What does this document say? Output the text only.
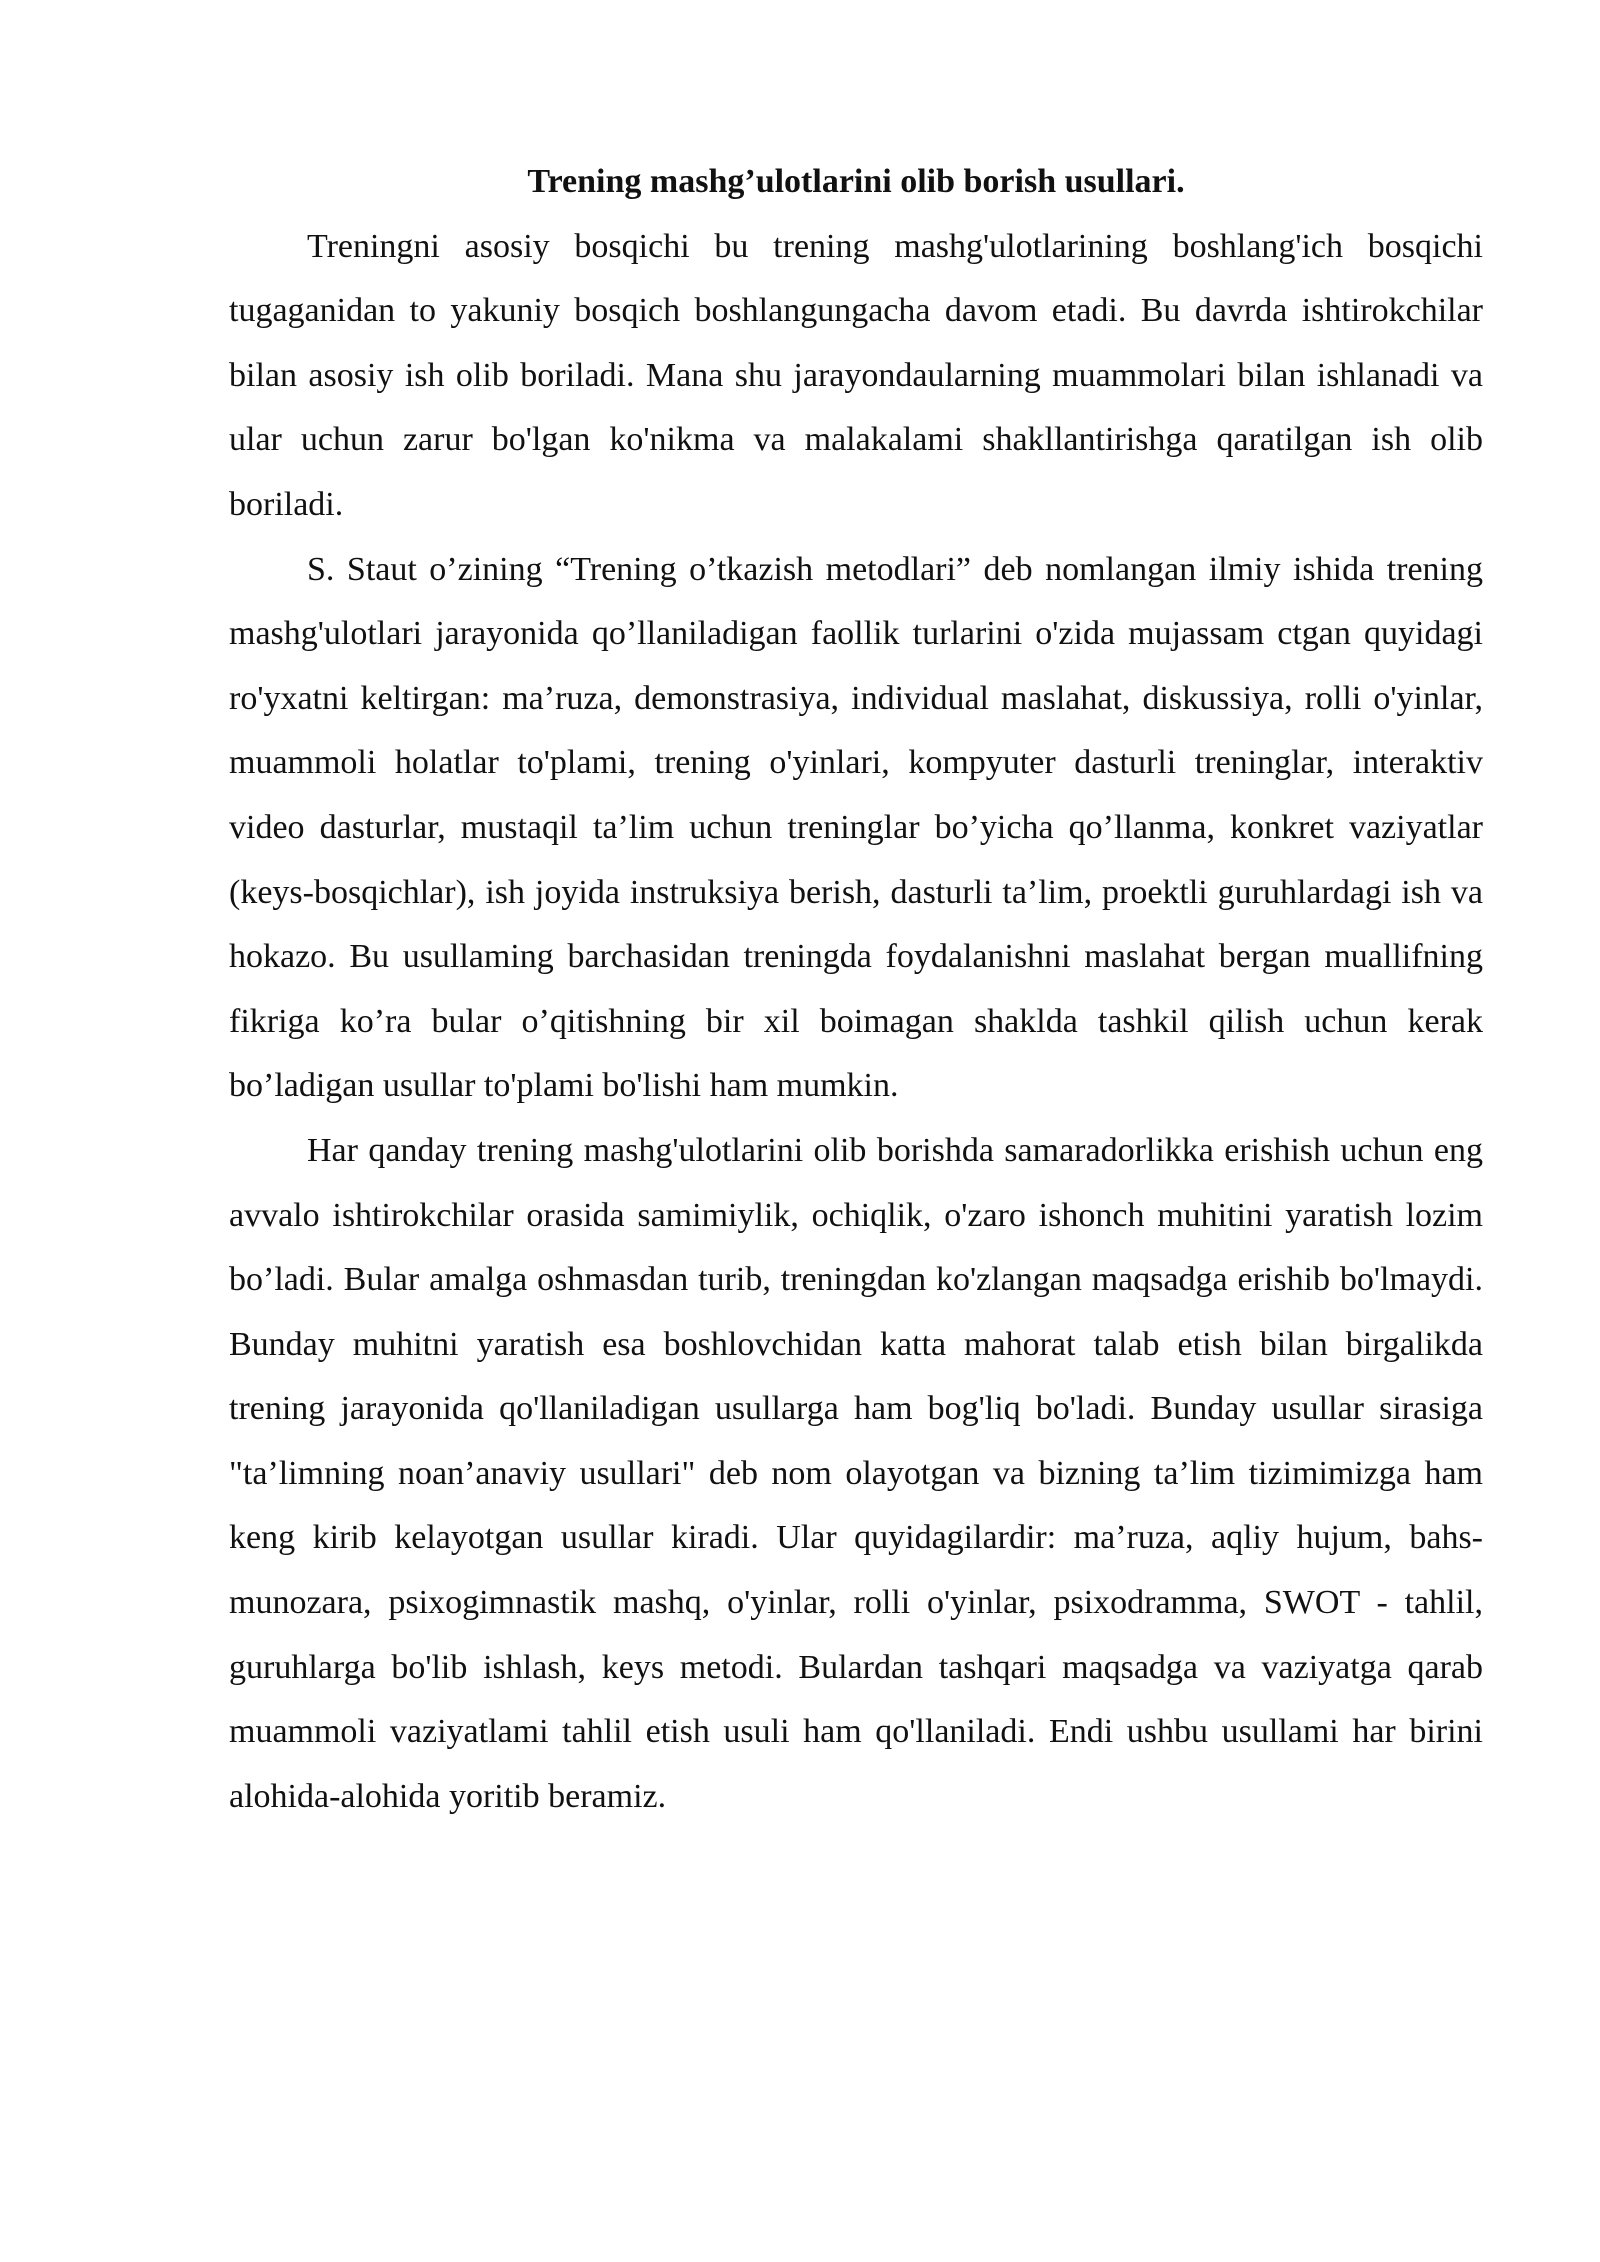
Trening mashg’ulotlarini olib borish usullari.

Treningni asosiy bosqichi bu trening mashg'ulotlarining boshlang'ich bosqichi tugaganidan to yakuniy bosqich boshlangungacha davom etadi. Bu davrda ishtirokchilar bilan asosiy ish olib boriladi. Mana shu jarayondaularning muammolari bilan ishlanadi va ular uchun zarur bo'lgan ko'nikma va malakalami shakllantirishga qaratilgan ish olib boriladi.

S. Staut o’zining “Trening o’tkazish metodlari” deb nomlangan ilmiy ishida trening mashg'ulotlari jarayonida qo’llaniladigan faollik turlarini o'zida mujassam ctgan quyidagi ro'yxatni keltirgan: ma’ruza, demonstrasiya, individual maslahat, diskussiya, rolli o'yinlar, muammoli holatlar to'plami, trening o'yinlari, kompyuter dasturli treninglar, interaktiv video dasturlar, mustaqil ta’lim uchun treninglar bo’yicha qo’llanma, konkret vaziyatlar (keys-bosqichlar), ish joyida instruksiya berish, dasturli ta’lim, proektli guruhlardagi ish va hokazo. Bu usullaming barchasidan treningda foydalanishni maslahat bergan muallifning fikriga ko’ra bular o’qitishning bir xil boimagan shaklda tashkil qilish uchun kerak bo’ladigan usullar to'plami bo'lishi ham mumkin.

Har qanday trening mashg'ulotlarini olib borishda samaradorlikka erishish uchun eng avvalo ishtirokchilar orasida samimiylik, ochiqlik, o'zaro ishonch muhitini yaratish lozim bo’ladi. Bular amalga oshmasdan turib, treningdan ko'zlangan maqsadga erishib bo'lmaydi. Bunday muhitni yaratish esa boshlovchidan katta mahorat talab etish bilan birgalikda trening jarayonida qo'llaniladigan usullarga ham bog'liq bo'ladi. Bunday usullar sirasiga "ta’limning noan’anaviy usullari" deb nom olayotgan va bizning ta’lim tizimimizga ham keng kirib kelayotgan usullar kiradi. Ular quyidagilardir: ma’ruza, aqliy hujum, bahs-munozara, psixogimnastik mashq, o'yinlar, rolli o'yinlar, psixodramma, SWOT - tahlil, guruhlarga bo'lib ishlash, keys metodi. Bulardan tashqari maqsadga va vaziyatga qarab muammoli vaziyatlami tahlil etish usuli ham qo'llaniladi. Endi ushbu usullami har birini alohida-alohida yoritib beramiz.
